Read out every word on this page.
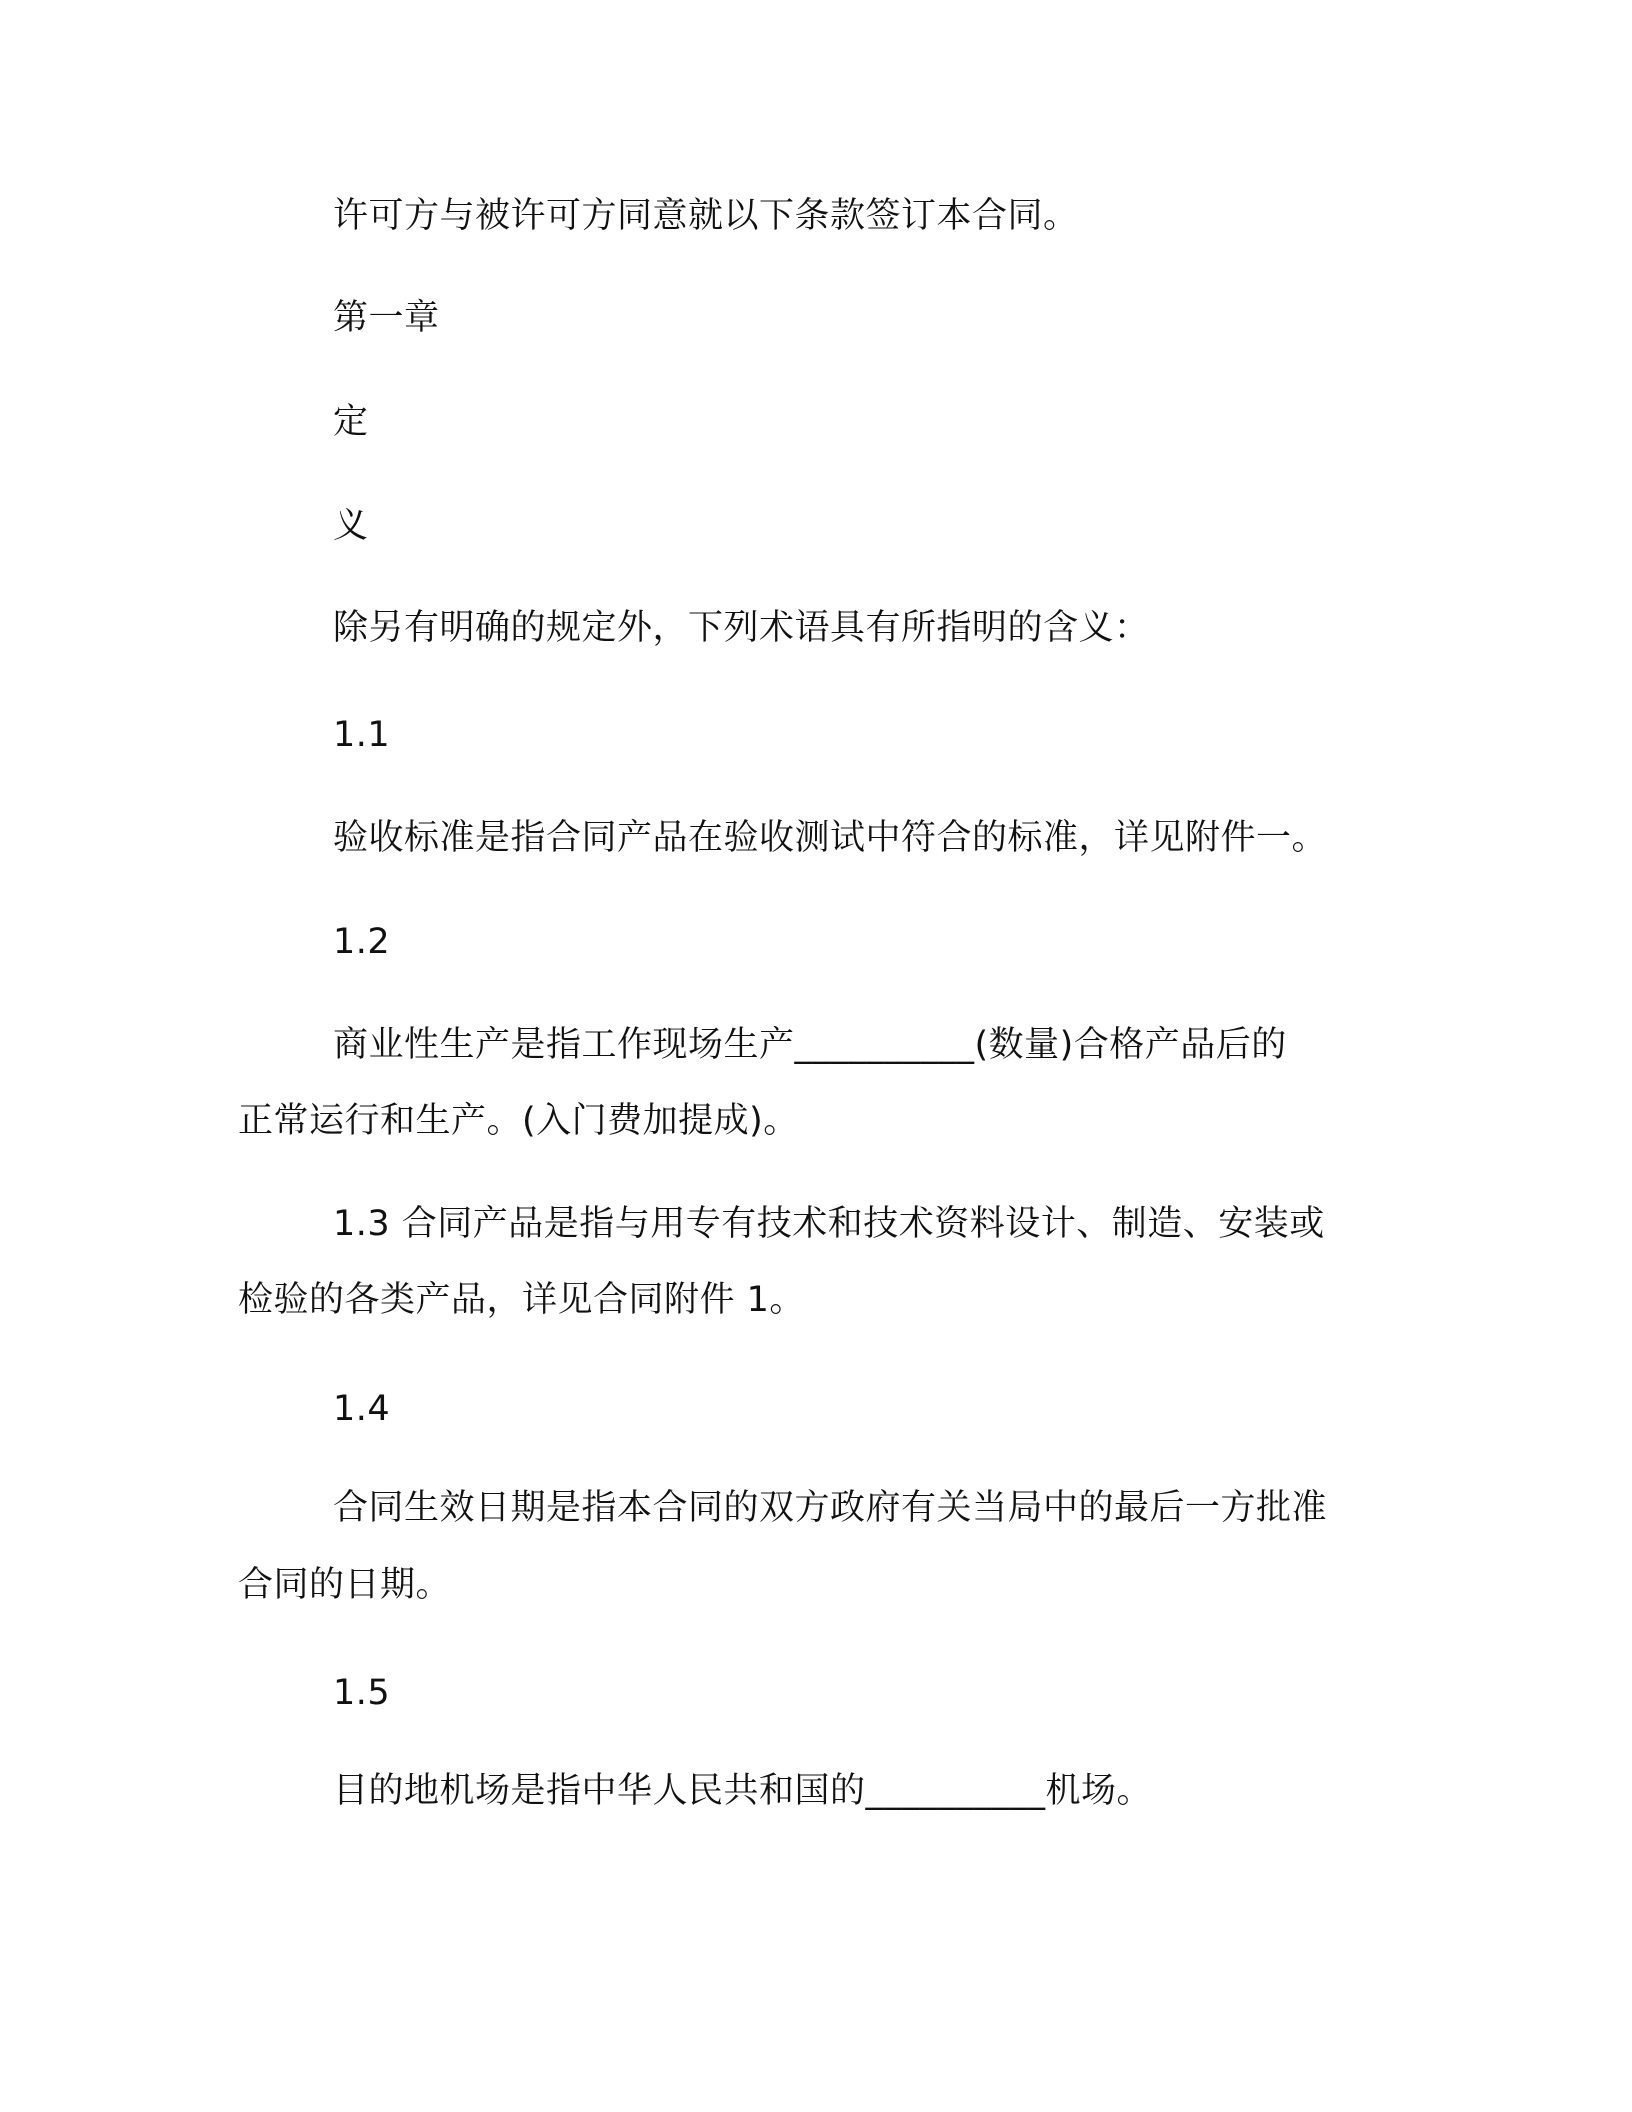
许可方与被许可方同意就以下条款签订本合同。
第一章
定
义
除另有明确的规定外，下列术语具有所指明的含义：
1.1
验收标准是指合同产品在验收测试中符合的标准，详见附件一。
1.2
商业性生产是指工作现场生产__________(数量)合格产品后的
正常运行和生产。(入门费加提成)。
1.3 合同产品是指与用专有技术和技术资料设计、制造、安装或
检验的各类产品，详见合同附件 1。
1.4
合同生效日期是指本合同的双方政府有关当局中的最后一方批准
合同的日期。
1.5
目的地机场是指中华人民共和国的__________机场。
